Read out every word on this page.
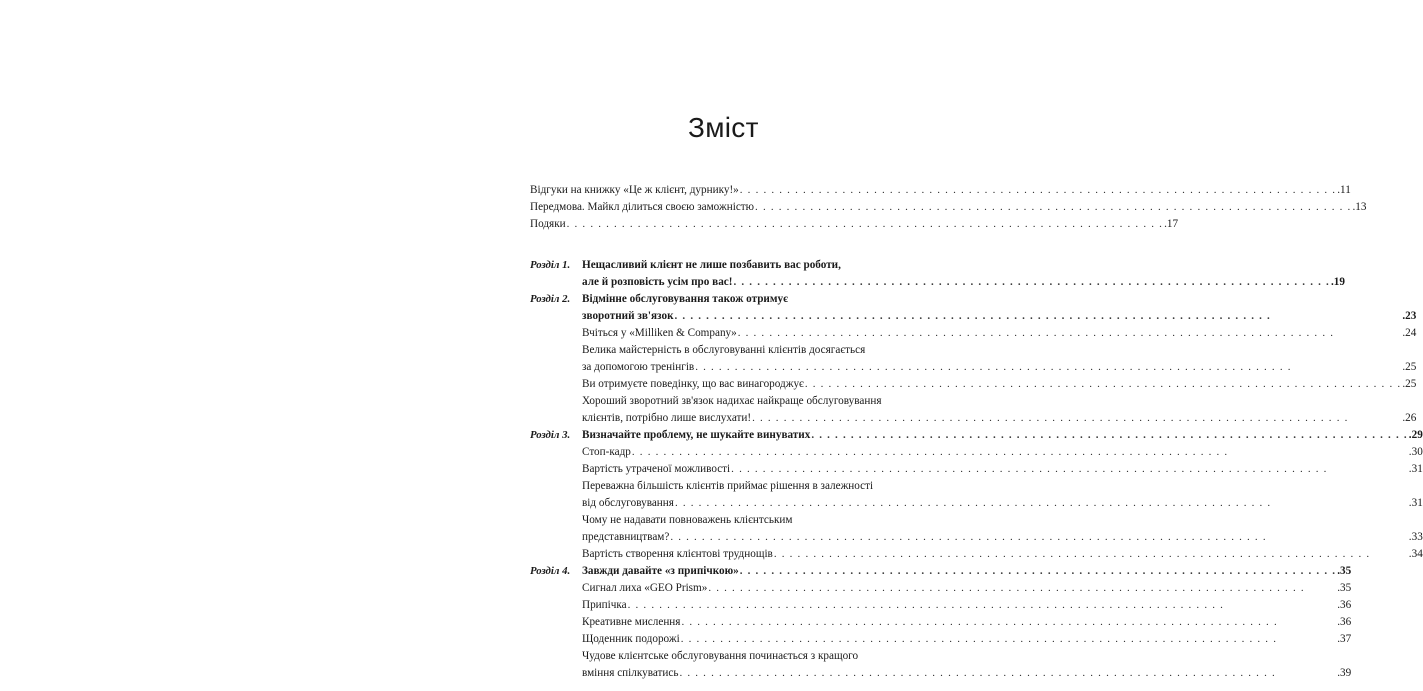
Зміст
Відгуки на книжку «Це ж клієнт, дурнику!» . . . . . . . . . . . . . . . . . . . . . . . . . . . . . . . . . . . . . . . . . . . . . . . . . . . . . . . . . . . . . . . . . . . . . . . . . . . . .11
Передмова. Майкл ділиться своєю заможністю . . . . . . . . . . . . . . . . . . . . . . . . . . . . . . . . . . . . . . . . . . . . . . . . . . . . . . . . . . . . . . . . . . . . . . . . . . . . .13
Подяки . . . . . . . . . . . . . . . . . . . . . . . . . . . . . . . . . . . . . . . . . . . . . . . . . . . . . . . . . . . . . . . . . . . . . . . . . . . . .17
Розділ 1.	Нещасливий клієнт не лише позбавить вас роботи,
але й розповість усім про вас! . . . . . . . . . . . . . . . . . . . . . . . . . . . . . . . . . . . . . . . . . . . . . . . . . . . . . . . . . . . . . . . . . . . . . . . . . . . . .19
Розділ 2.	Відмінне обслуговування також отримує
зворотний зв'язок . . . . . . . . . . . . . . . . . . . . . . . . . . . . . . . . . . . . . . . . . . . . . . . . . . . . . . . . . . . . . . . . . . . . . . . . . . . .	.23
Вчіться у «Milliken & Company» . . . . . . . . . . . . . . . . . . . . . . . . . . . . . . . . . . . . . . . . . . . . . . . . . . . . . . . . . . . . . . . . . . . . . . . . . . . .	.24
Велика майстерність в обслуговуванні клієнтів досягається
за допомогою тренінгів . . . . . . . . . . . . . . . . . . . . . . . . . . . . . . . . . . . . . . . . . . . . . . . . . . . . . . . . . . . . . . . . . . . . . . . . . . . .	.25
Ви отримуєте поведінку, що вас винагороджує . . . . . . . . . . . . . . . . . . . . . . . . . . . . . . . . . . . . . . . . . . . . . . . . . . . . . . . . . . . . . . . . . . . . . . . . . . . . .25
Хороший зворотний зв'язок надихає найкраще обслуговування
клієнтів, потрібно лише вислухати! . . . . . . . . . . . . . . . . . . . . . . . . . . . . . . . . . . . . . . . . . . . . . . . . . . . . . . . . . . . . . . . . . . . . . . . . . . . .	.26
Розділ 3.	Визначайте проблему, не шукайте винуватих . . . . . . . . . . . . . . . . . . . . . . . . . . . . . . . . . . . . . . . . . . . . . . . . . . . . . . . . . . . . . . . . . . . . . . . . . . . . .29
Стоп-кадр . . . . . . . . . . . . . . . . . . . . . . . . . . . . . . . . . . . . . . . . . . . . . . . . . . . . . . . . . . . . . . . . . . . . . . . . . . . .	.30
Вартість утраченої можливості . . . . . . . . . . . . . . . . . . . . . . . . . . . . . . . . . . . . . . . . . . . . . . . . . . . . . . . . . . . . . . . . . . . . . . . . . . . .	.31
Переважна більшість клієнтів приймає рішення в залежності
від обслуговування . . . . . . . . . . . . . . . . . . . . . . . . . . . . . . . . . . . . . . . . . . . . . . . . . . . . . . . . . . . . . . . . . . . . . . . . . . . .	.31
Чому не надавати повноважень клієнтським
представництвам? . . . . . . . . . . . . . . . . . . . . . . . . . . . . . . . . . . . . . . . . . . . . . . . . . . . . . . . . . . . . . . . . . . . . . . . . . . . .	.33
Вартість створення клієнтові труднощів . . . . . . . . . . . . . . . . . . . . . . . . . . . . . . . . . . . . . . . . . . . . . . . . . . . . . . . . . . . . . . . . . . . . . . . . . . . .	.34
Розділ 4.	Завжди давайте «з припічкою» . . . . . . . . . . . . . . . . . . . . . . . . . . . . . . . . . . . . . . . . . . . . . . . . . . . . . . . . . . . . . . . . . . . . . . . . . . . . .35
Сигнал лиха «GEO Prism» . . . . . . . . . . . . . . . . . . . . . . . . . . . . . . . . . . . . . . . . . . . . . . . . . . . . . . . . . . . . . . . . . . . . . . . . . . . .	.35
Припічка . . . . . . . . . . . . . . . . . . . . . . . . . . . . . . . . . . . . . . . . . . . . . . . . . . . . . . . . . . . . . . . . . . . . . . . . . . . .	.36
Креативне мислення . . . . . . . . . . . . . . . . . . . . . . . . . . . . . . . . . . . . . . . . . . . . . . . . . . . . . . . . . . . . . . . . . . . . . . . . . . . .	.36
Щоденник подорожі . . . . . . . . . . . . . . . . . . . . . . . . . . . . . . . . . . . . . . . . . . . . . . . . . . . . . . . . . . . . . . . . . . . . . . . . . . . .	.37
Чудове клієнтське обслуговування починається з кращого
вміння спілкуватись . . . . . . . . . . . . . . . . . . . . . . . . . . . . . . . . . . . . . . . . . . . . . . . . . . . . . . . . . . . . . . . . . . . . . . . . . . . .	.39
